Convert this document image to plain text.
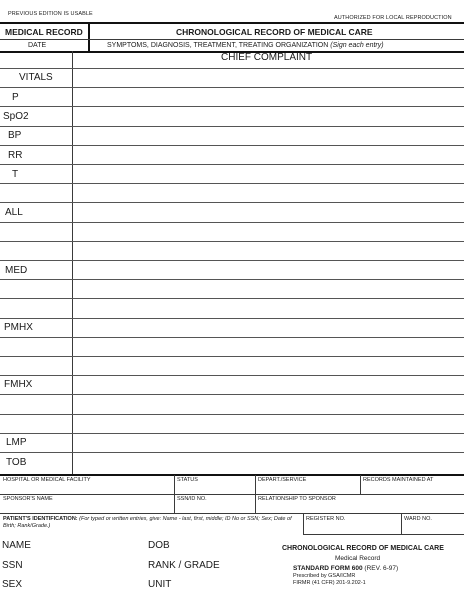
PREVIOUS EDITION IS USABLE
AUTHORIZED FOR LOCAL REPRODUCTION
MEDICAL RECORD	CHRONOLOGICAL RECORD OF MEDICAL CARE
DATE	SYMPTOMS, DIAGNOSIS, TREATMENT, TREATING ORGANIZATION (Sign each entry)
CHIEF COMPLAINT
VITALS
P
SpO2
BP
RR
T
ALL
MED
PMHX
FMHX
LMP
TOB
HOSPITAL OR MEDICAL FACILITY	STATUS	DEPART./SERVICE	RECORDS MAINTAINED AT
SPONSOR'S NAME	SSN/ID NO.	RELATIONSHIP TO SPONSOR
PATIENT'S IDENTIFICATION: (For typed or written entries, give: Name - last, first, middle; ID No or SSN; Sex; Date of Birth; Rank/Grade.)
REGISTER NO.	WARD NO.
NAME
SSN
SEX
DOB
RANK / GRADE
UNIT
CHRONOLOGICAL RECORD OF MEDICAL CARE
Medical Record
STANDARD FORM 600 (REV. 6-97)
Prescribed by GSA/ICMR
FIRMR (41 CFR) 201-9.202-1
